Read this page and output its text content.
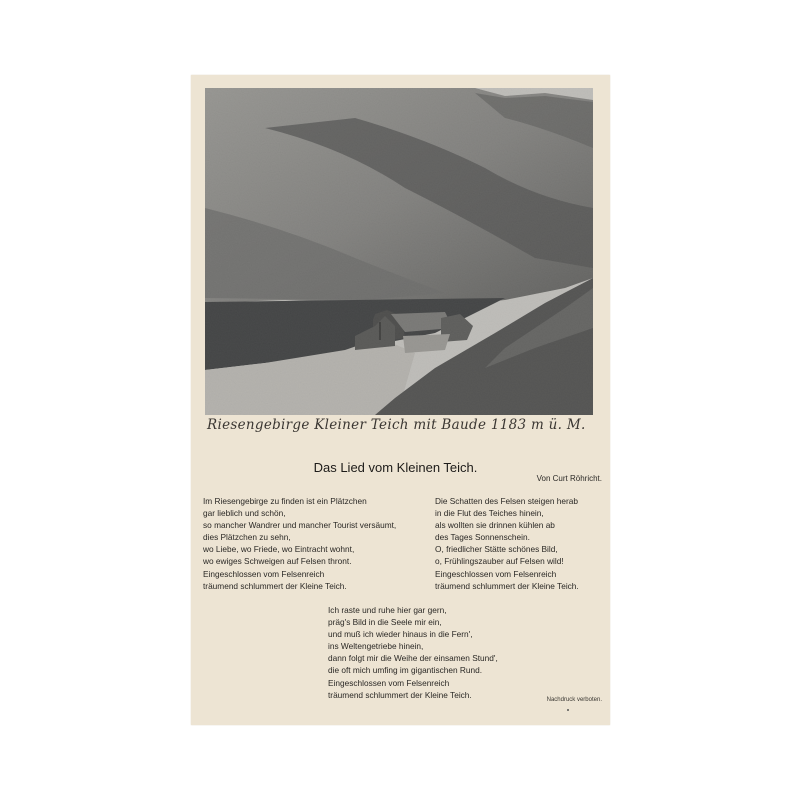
Riesengebirge Kleiner Teich mit Baude 1183 m ü. M.
Das Lied vom Kleinen Teich.
Von Curt Röhricht.
Im Riesengebirge zu finden ist ein Plätzchen
gar lieblich und schön,
so mancher Wandrer und mancher Tourist versäumt,
dies Plätzchen zu sehn,
wo Liebe, wo Friede, wo Eintracht wohnt,
wo ewiges Schweigen auf Felsen thront.
Eingeschlossen vom Felsenreich
träumend schlummert der Kleine Teich.
Die Schatten des Felsen steigen herab
in die Flut des Teiches hinein,
als wollten sie drinnen kühlen ab
des Tages Sonnenschein.
O, friedlicher Stätte schönes Bild,
o, Frühlingszauber auf Felsen wild!
Eingeschlossen vom Felsenreich
träumend schlummert der Kleine Teich.
Ich raste und ruhe hier gar gern,
präg's Bild in die Seele mir ein,
und muß ich wieder hinaus in die Fern',
ins Weltengetriebe hinein,
dann folgt mir die Weihe der einsamen Stund',
die oft mich umfing im gigantischen Rund.
Eingeschlossen vom Felsenreich
träumend schlummert der Kleine Teich.
Nachdruck verboten.
